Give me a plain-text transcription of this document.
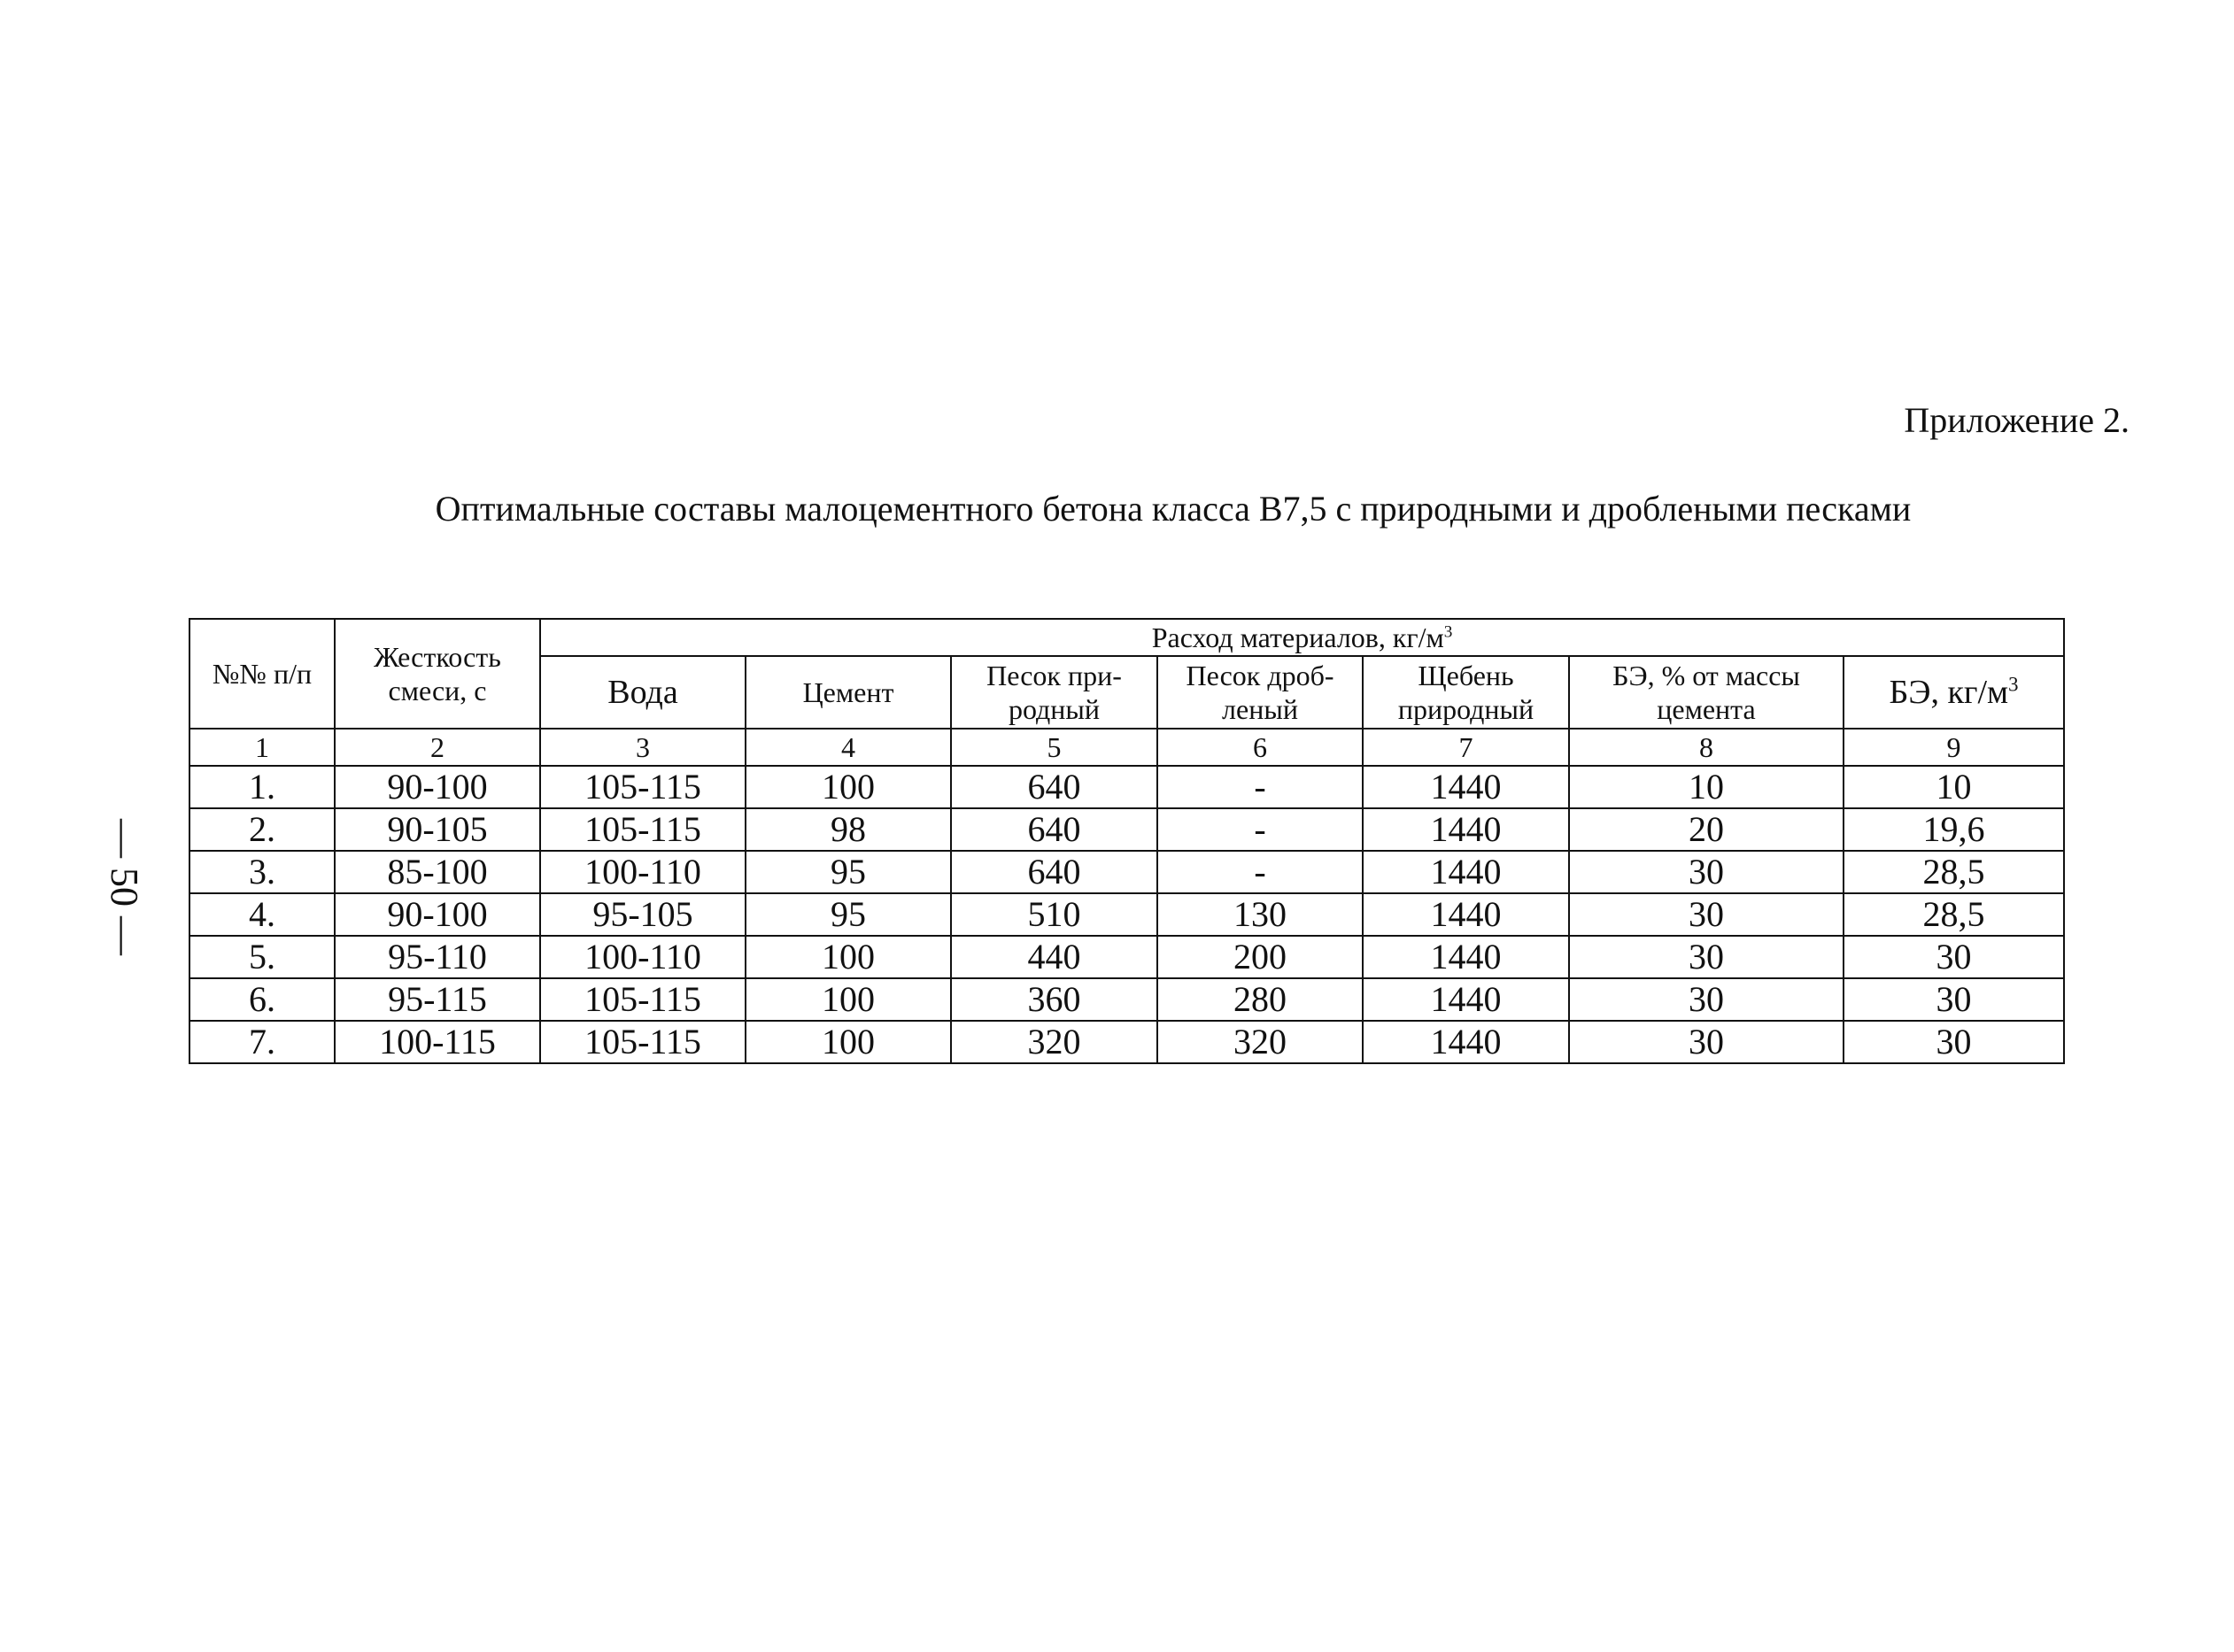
Приложение 2.
Оптимальные составы малоцементного бетона класса В7,5 с природными и дроблеными песками
— 50 —
№№ п/п	Жесткость смеси, с	Расход материалов, $кг/м^3$
		Вода	Цемент	Песок при-родный	Песок дроб-леный	Щебень природный	БЭ, % от массы цемента	БЭ, $кг/м^3$
1	2	3	4	5	6	7	8	9
1.	90-100	105-115	100	640	-	1440	10	10
2.	90-105	105-115	98	640	-	1440	20	19,6
3.	85-100	100-110	95	640	-	1440	30	28,5
4.	90-100	95-105	95	510	130	1440	30	28,5
5.	95-110	100-110	100	440	200	1440	30	30
6.	95-115	105-115	100	360	280	1440	30	30
7.	100-115	105-115	100	320	320	1440	30	30
